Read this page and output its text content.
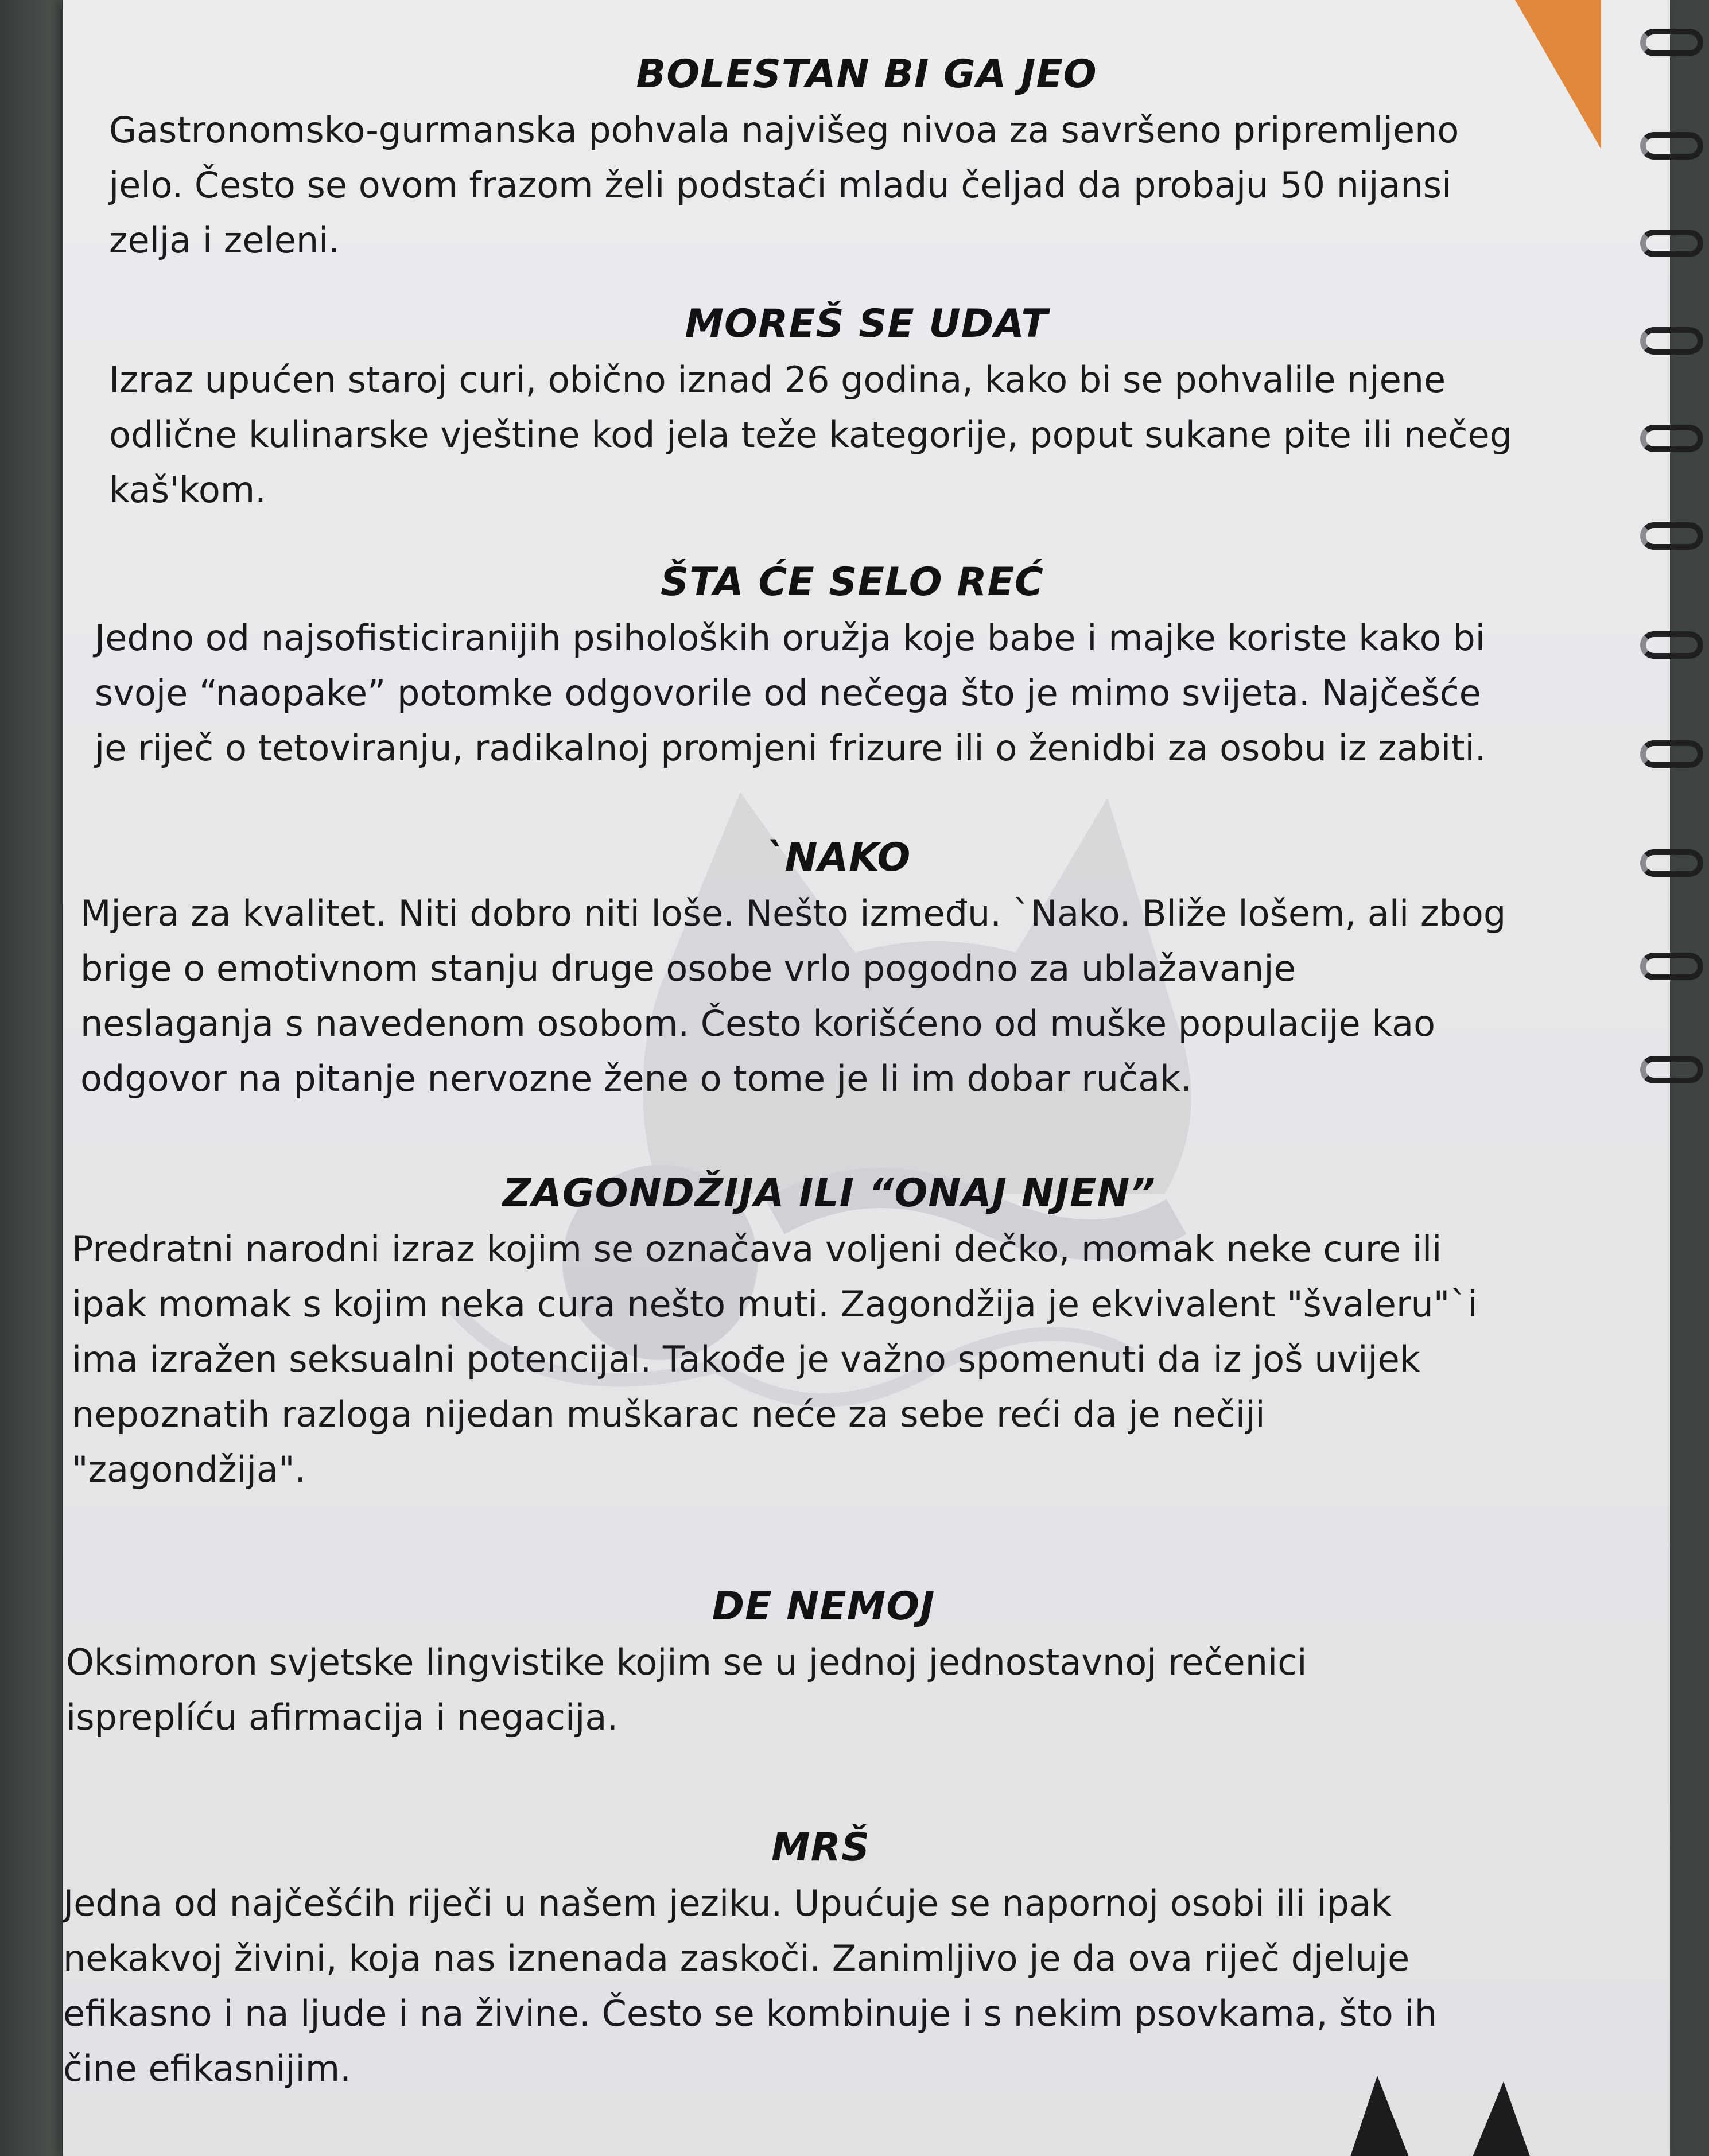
BOLESTAN BI GA JEO

Gastronomsko-gurmanska pohvala najvišeg nivoa za savršeno pripremljeno

jelo. Često se ovom frazom želi podstaći mladu čeljad da probaju 50 nijansi

zelja i zeleni.

MOREŠ SE UDAT

Izraz upućen staroj curi, obično iznad 26 godina, kako bi se pohvalile njene

odlične kulinarske vještine kod jela teže kategorije, poput sukane pite ili nečeg

kaš'kom.

ŠTA ĆE SELO REĆ

Jedno od najsofisticiranijih psiholoških oružja koje babe i majke koriste kako bi

svoje “naopake” potomke odgovorile od nečega što je mimo svijeta. Najčešće

je riječ o tetoviranju, radikalnoj promjeni frizure ili o ženidbi za osobu iz zabiti.

`NAKO

Mjera za kvalitet. Niti dobro niti loše. Nešto između. `Nako. Bliže lošem, ali zbog

brige o emotivnom stanju druge osobe vrlo pogodno za ublažavanje

neslaganja s navedenom osobom. Često korišćeno od muške populacije kao

odgovor na pitanje nervozne žene o tome je li im dobar ručak.

ZAGONDŽIJA ILI “ONAJ NJEN”

Predratni narodni izraz kojim se označava voljeni dečko, momak neke cure ili

ipak momak s kojim neka cura nešto muti. Zagondžija je ekvivalent "švaleru"`i

ima izražen seksualni potencijal. Takođe je važno spomenuti da iz još uvijek

nepoznatih razloga nijedan muškarac neće za sebe reći da je nečiji

"zagondžija".

DE NEMOJ

Oksimoron svjetske lingvistike kojim se u jednoj jednostavnoj rečenici

ispreplíću afirmacija i negacija.

MRŠ

Jedna od najčešćih riječi u našem jeziku. Upućuje se napornoj osobi ili ipak

nekakvoj živini, koja nas iznenada zaskoči. Zanimljivo je da ova riječ djeluje

efikasno i na ljude i na živine. Često se kombinuje i s nekim psovkama, što ih

čine efikasnijim.
